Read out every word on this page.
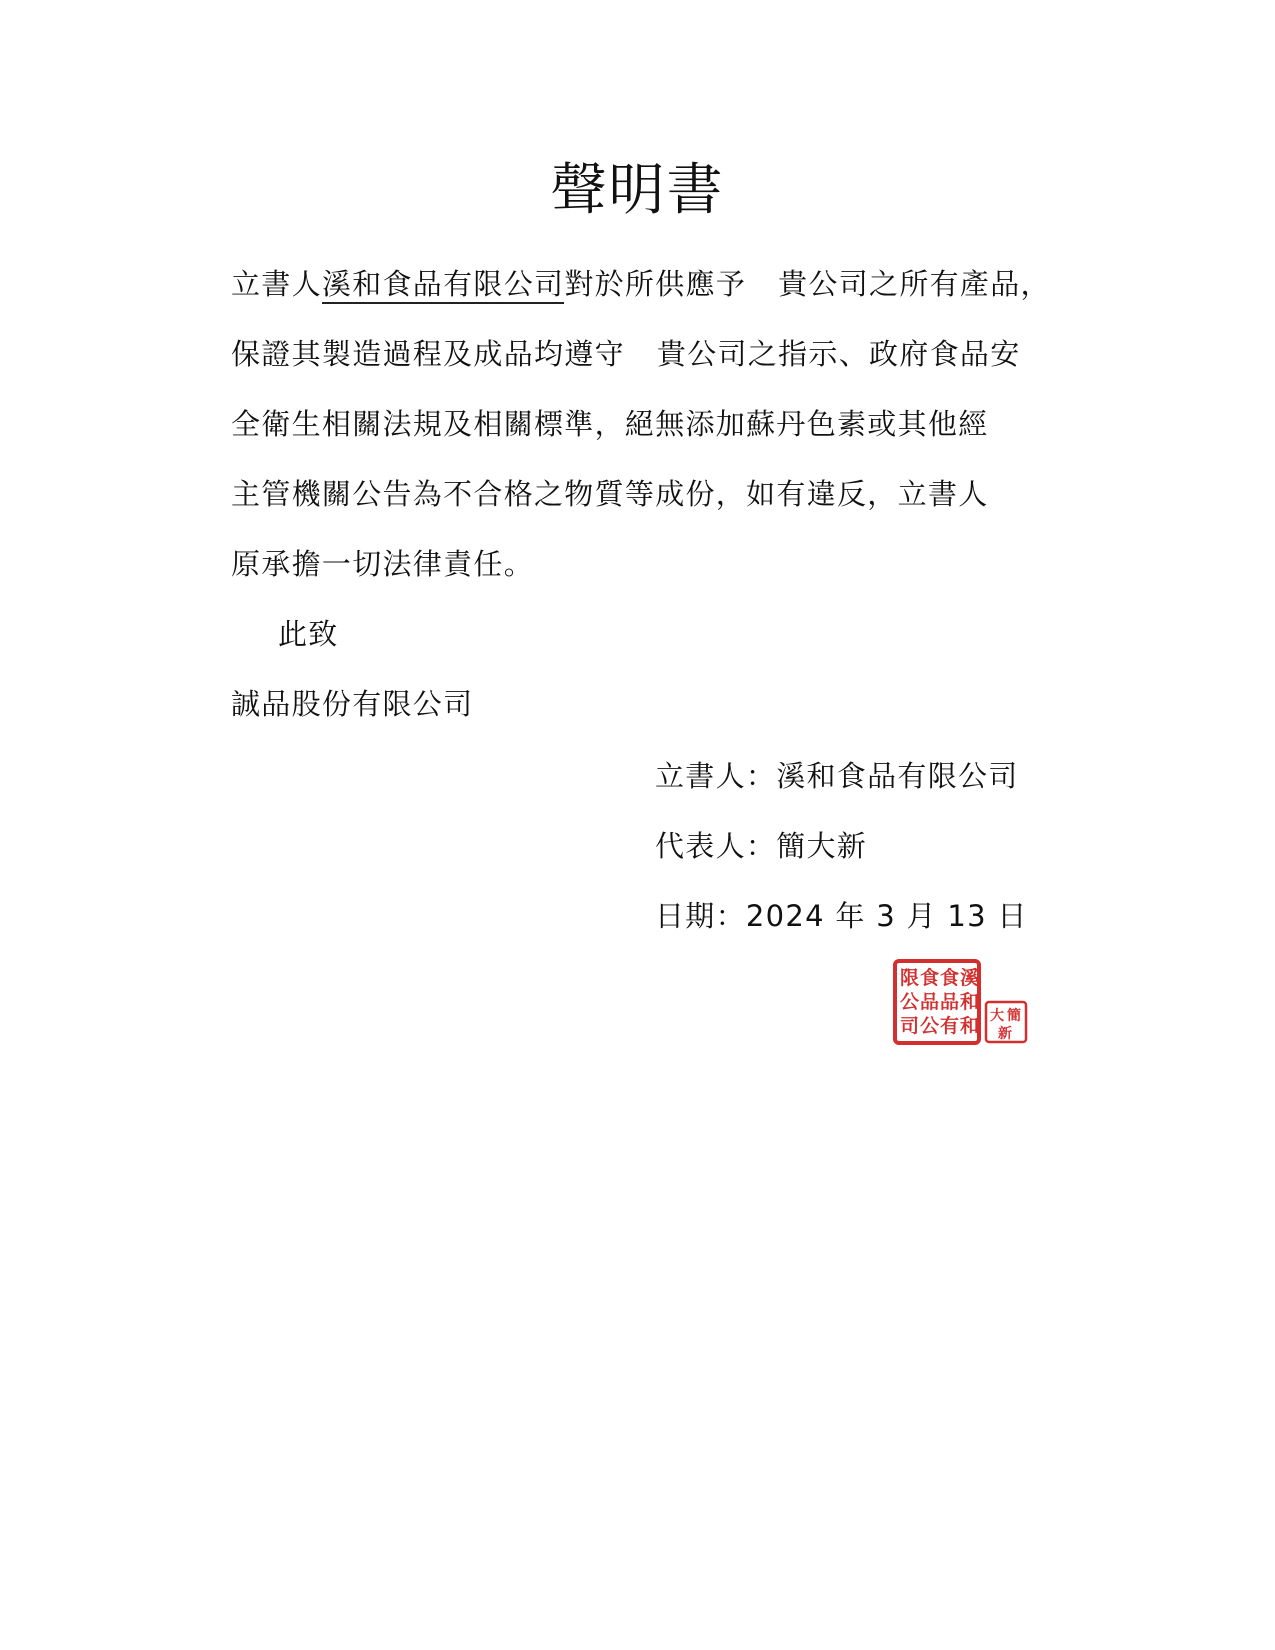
聲明書
立書人溪和食品有限公司對於所供應予 貴公司之所有產品，
保證其製造過程及成品均遵守 貴公司之指示、政府食品安
全衛生相關法規及相關標準，絕無添加蘇丹色素或其他經
主管機關公告為不合格之物質等成份，如有違反，立書人
原承擔一切法律責任。
此致
誠品股份有限公司
立書人：溪和食品有限公司
代表人：簡大新
日期：2024 年 3 月 13 日
食 溪
限
品 和
公 品
有 和
司 公
食
簡
大
新
